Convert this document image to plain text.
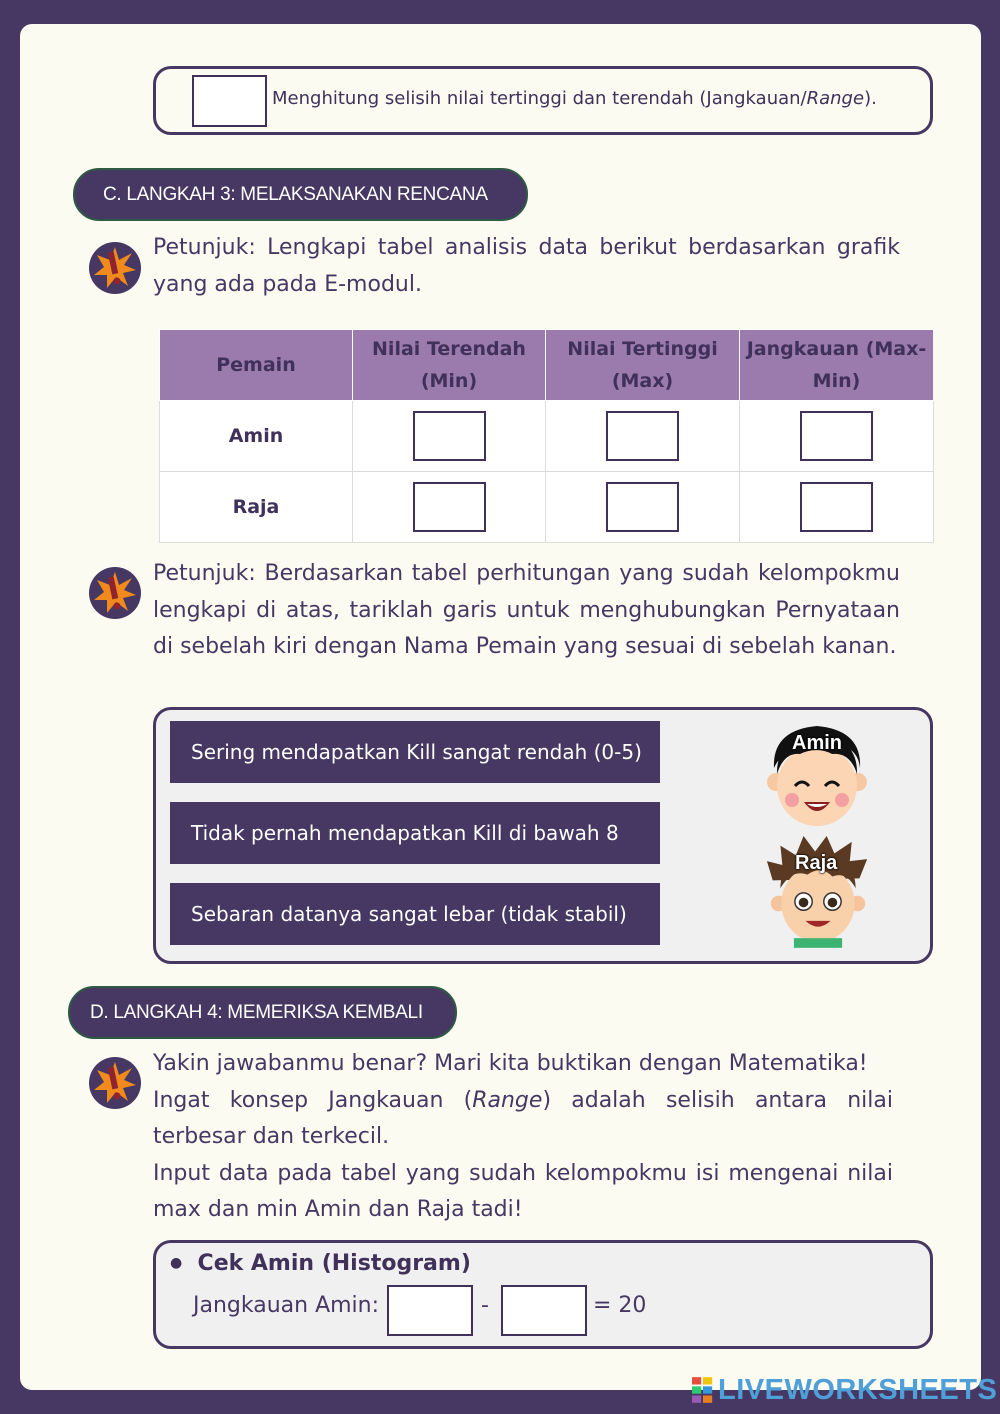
Menghitung selisih nilai tertinggi dan terendah (Jangkauan/Range).
C. LANGKAH 3: MELAKSANAKAN RENCANA
Petunjuk: Lengkapi tabel analisis data berikut berdasarkan grafik yang ada pada E-modul.
Pemain	Nilai Terendah (Min)	Nilai Tertinggi (Max)	Jangkauan (Max-Min)
Amin			
Raja			
Petunjuk: Berdasarkan tabel perhitungan yang sudah kelompokmu lengkapi di atas, tariklah garis untuk menghubungkan Pernyataan di sebelah kiri dengan Nama Pemain yang sesuai di sebelah kanan.
Sering mendapatkan Kill sangat rendah (0-5)
Tidak pernah mendapatkan Kill di bawah 8
Sebaran datanya sangat lebar (tidak stabil)
Amin
Raja
D. LANGKAH 4: MEMERIKSA KEMBALI
Yakin jawabanmu benar? Mari kita buktikan dengan Matematika!
Ingat konsep Jangkauan (Range) adalah selisih antara nilai terbesar dan terkecil.
Input data pada tabel yang sudah kelompokmu isi mengenai nilai max dan min Amin dan Raja tadi!
● Cek Amin (Histogram)
Jangkauan Amin:	-	= 20
LIVEWORKSHEETS
